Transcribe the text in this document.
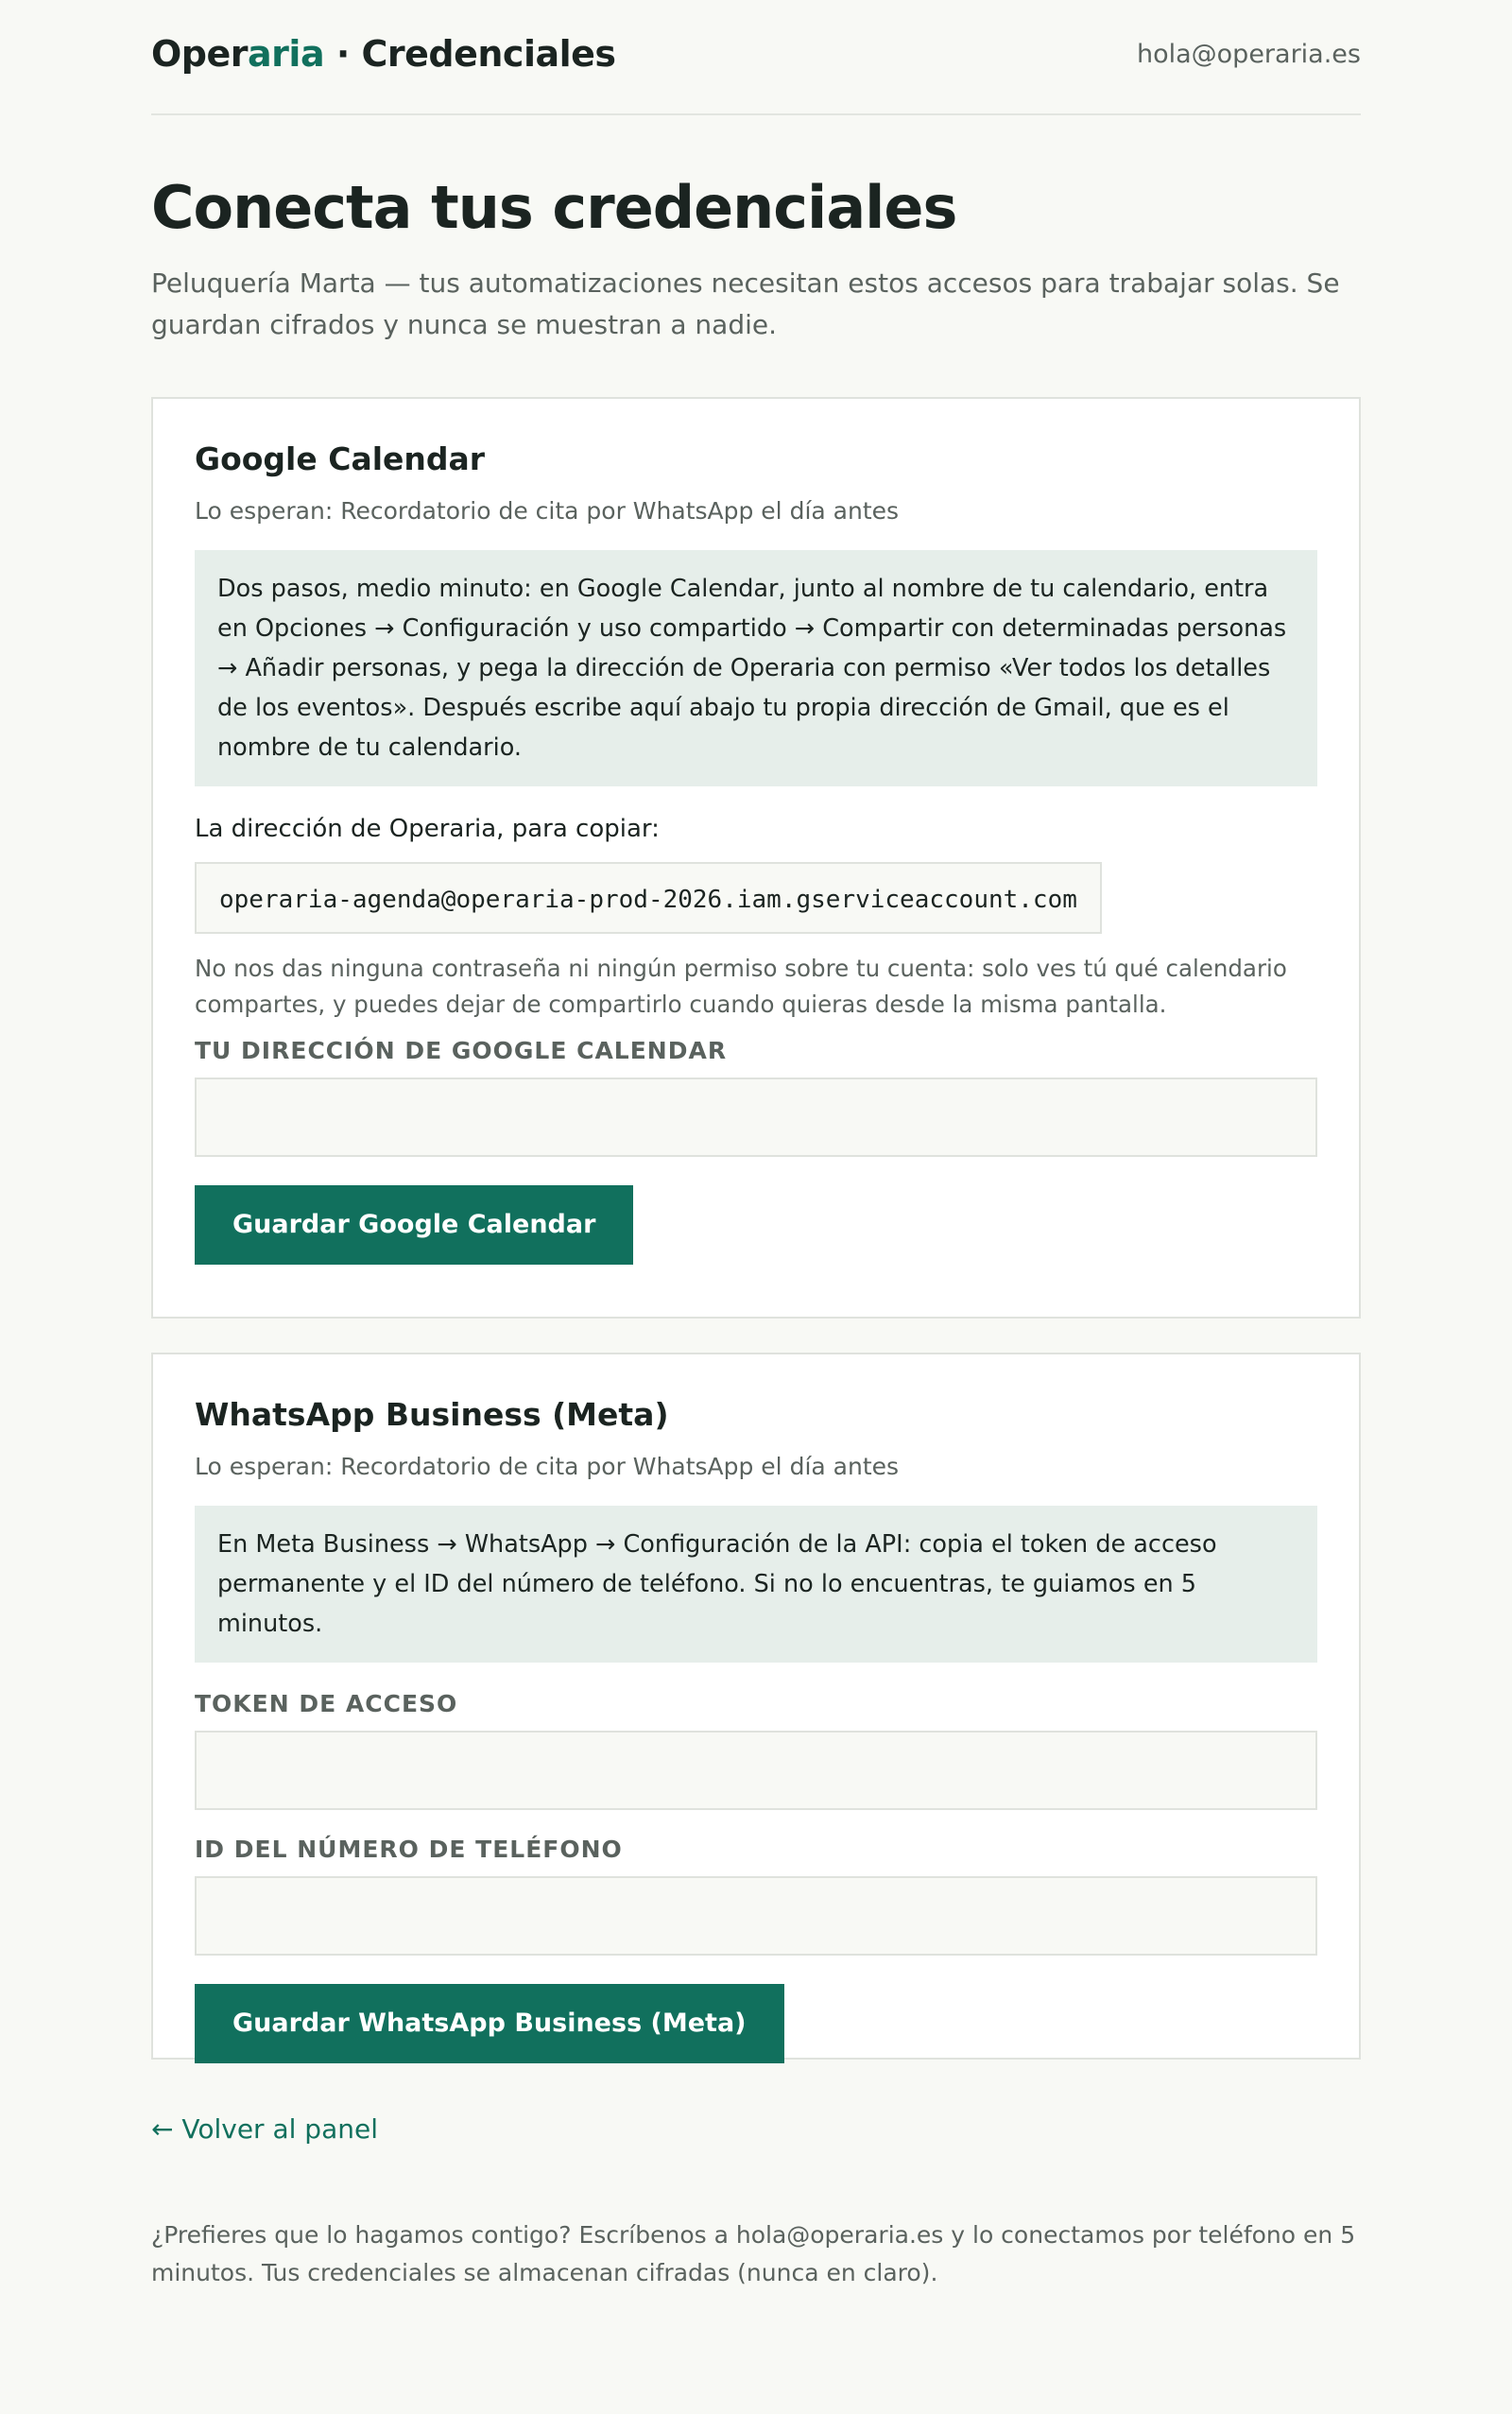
Operaria · Credenciales	hola@operaria.es
Conecta tus credenciales

Peluquería Marta — tus automatizaciones necesitan estos accesos para trabajar solas. Se guardan cifrados y nunca se muestran a nadie.

Google Calendar
Lo esperan: Recordatorio de cita por WhatsApp el día antes
Dos pasos, medio minuto: en Google Calendar, junto al nombre de tu calendario, entra en Opciones → Configuración y uso compartido → Compartir con determinadas personas → Añadir personas, y pega la dirección de Operaria con permiso «Ver todos los detalles de los eventos». Después escribe aquí abajo tu propia dirección de Gmail, que es el nombre de tu calendario.
La dirección de Operaria, para copiar:
operaria-agenda@operaria-prod-2026.iam.gserviceaccount.com
No nos das ninguna contraseña ni ningún permiso sobre tu cuenta: solo ves tú qué calendario compartes, y puedes dejar de compartirlo cuando quieras desde la misma pantalla.
TU DIRECCIÓN DE GOOGLE CALENDAR
Guardar Google Calendar
WhatsApp Business (Meta)
Lo esperan: Recordatorio de cita por WhatsApp el día antes
En Meta Business → WhatsApp → Configuración de la API: copia el token de acceso permanente y el ID del número de teléfono. Si no lo encuentras, te guiamos en 5 minutos.
TOKEN DE ACCESO
ID DEL NÚMERO DE TELÉFONO
Guardar WhatsApp Business (Meta)
← Volver al panel

¿Prefieres que lo hagamos contigo? Escríbenos a hola@operaria.es y lo conectamos por teléfono en 5 minutos. Tus credenciales se almacenan cifradas (nunca en claro).
